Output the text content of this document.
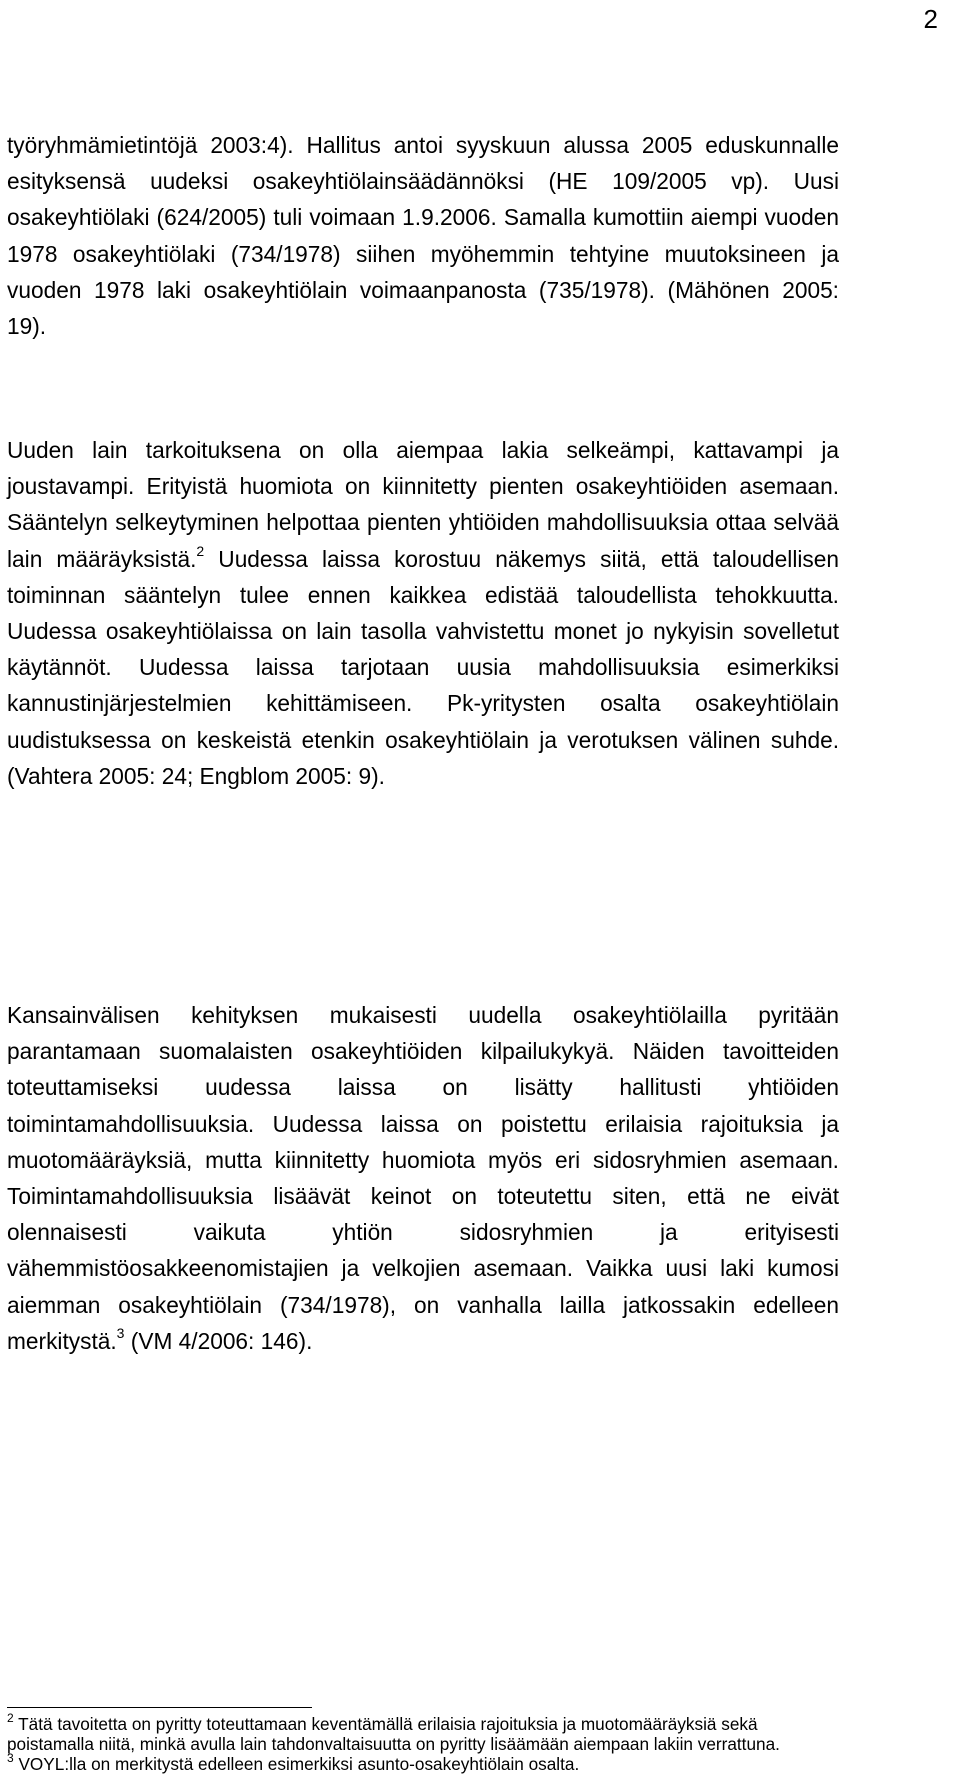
2

työryhmämietintöjä 2003:4). Hallitus antoi syyskuun alussa 2005 eduskunnalle esityksensä uudeksi osakeyhtiölainsäädännöksi (HE 109/2005 vp). Uusi osakeyhtiölaki (624/2005) tuli voimaan 1.9.2006. Samalla kumottiin aiempi vuoden 1978 osakeyhtiölaki (734/1978) siihen myöhemmin tehtyine muutoksineen ja vuoden 1978 laki osakeyhtiölain voimaanpanosta (735/1978). (Mähönen 2005: 19).

Uuden lain tarkoituksena on olla aiempaa lakia selkeämpi, kattavampi ja joustavampi. Erityistä huomiota on kiinnitetty pienten osakeyhtiöiden asemaan. Sääntelyn selkeytyminen helpottaa pienten yhtiöiden mahdollisuuksia ottaa selvää lain määräyksistä.$^2$ Uudessa laissa korostuu näkemys siitä, että taloudellisen toiminnan sääntelyn tulee ennen kaikkea edistää taloudellista tehokkuutta. Uudessa osakeyhtiölaissa on lain tasolla vahvistettu monet jo nykyisin sovelletut käytännöt. Uudessa laissa tarjotaan uusia mahdollisuuksia esimerkiksi kannustinjärjestelmien kehittämiseen. Pk-yritysten osalta osakeyhtiölain uudistuksessa on keskeistä etenkin osakeyhtiölain ja verotuksen välinen suhde. (Vahtera 2005: 24; Engblom 2005: 9).

Kansainvälisen kehityksen mukaisesti uudella osakeyhtiölailla pyritään parantamaan suomalaisten osakeyhtiöiden kilpailukykyä. Näiden tavoitteiden toteuttamiseksi uudessa laissa on lisätty hallitusti yhtiöiden toimintamahdollisuuksia. Uudessa laissa on poistettu erilaisia rajoituksia ja muotomääräyksiä, mutta kiinnitetty huomiota myös eri sidosryhmien asemaan. Toimintamahdollisuuksia lisäävät keinot on toteutettu siten, että ne eivät olennaisesti vaikuta yhtiön sidosryhmien ja erityisesti vähemmistöosakkeenomistajien ja velkojien asemaan. Vaikka uusi laki kumosi aiemman osakeyhtiölain (734/1978), on vanhalla laillа jatkossakin edelleen merkitystä.$^3$ (VM 4/2006: 146).

$^2$ Tätä tavoitetta on pyritty toteuttamaan keventämällä erilaisia rajoituksia ja muotomääräyksiä sekä poistamalla niitä, minkä avulla lain tahdonvaltaisuutta on pyritty lisäämään aiempaan lakiin verrattuna.

$^3$ VOYL:lla on merkitystä edelleen esimerkiksi asunto-osakeyhtiölain osalta.
